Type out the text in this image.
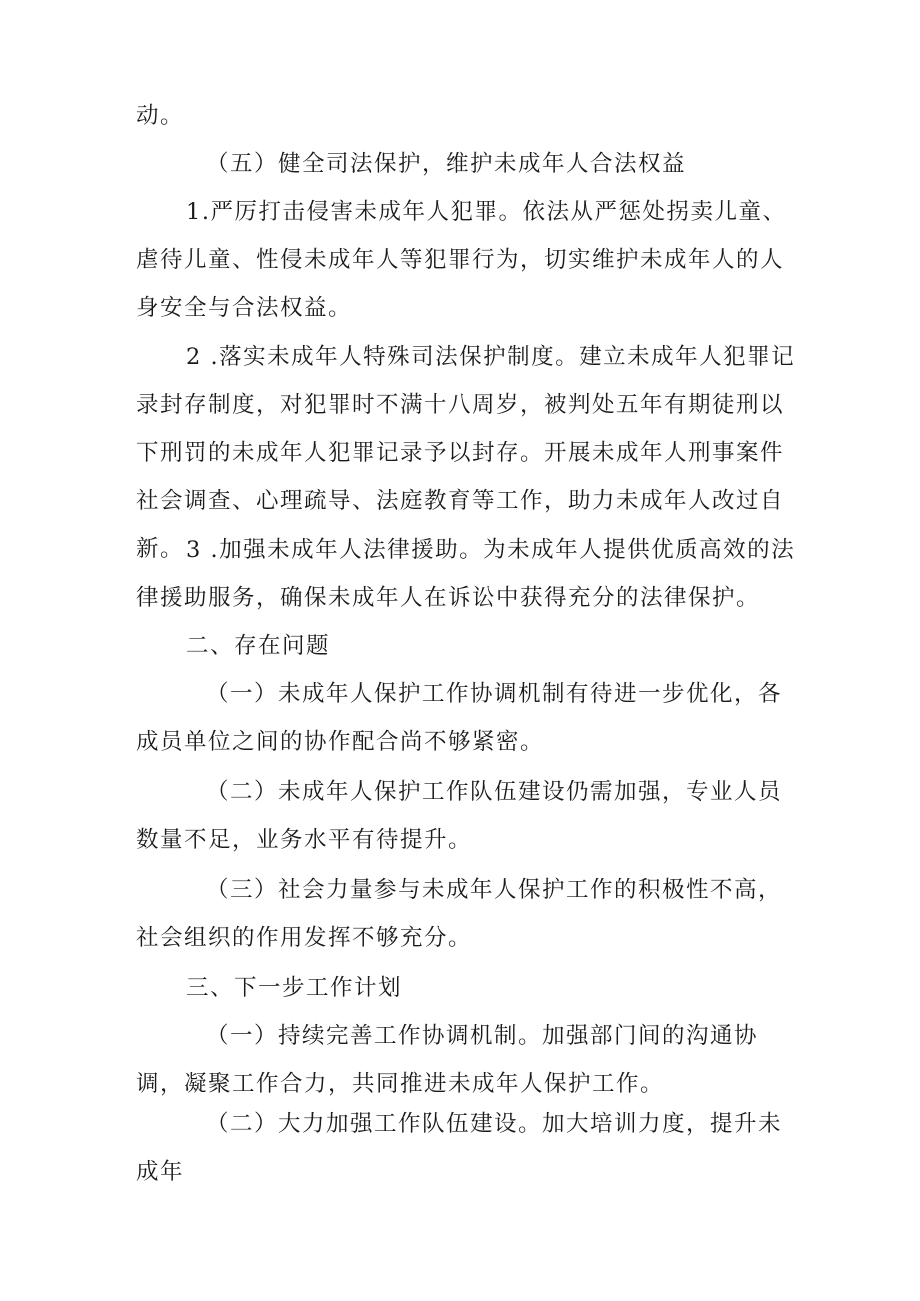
动。

（五）健全司法保护，维护未成年人合法权益

1.严厉打击侵害未成年人犯罪。依法从严惩处拐卖儿童、虐待儿童、性侵未成年人等犯罪行为，切实维护未成年人的人身安全与合法权益。

2 .落实未成年人特殊司法保护制度。建立未成年人犯罪记录封存制度，对犯罪时不满十八周岁，被判处五年有期徒刑以下刑罚的未成年人犯罪记录予以封存。开展未成年人刑事案件社会调查、心理疏导、法庭教育等工作，助力未成年人改过自新。 3 .加强未成年人法律援助。为未成年人提供优质高效的法律援助服务，确保未成年人在诉讼中获得充分的法律保护。

二、存在问题

（一）未成年人保护工作协调机制有待进一步优化，各成员单位之间的协作配合尚不够紧密。

（二）未成年人保护工作队伍建设仍需加强，专业人员数量不足，业务水平有待提升。

（三）社会力量参与未成年人保护工作的积极性不高，社会组织的作用发挥不够充分。

三、下一步工作计划

（一）持续完善工作协调机制。加强部门间的沟通协调，凝聚工作合力，共同推进未成年人保护工作。

（二）大力加强工作队伍建设。加大培训力度，提升未成年
